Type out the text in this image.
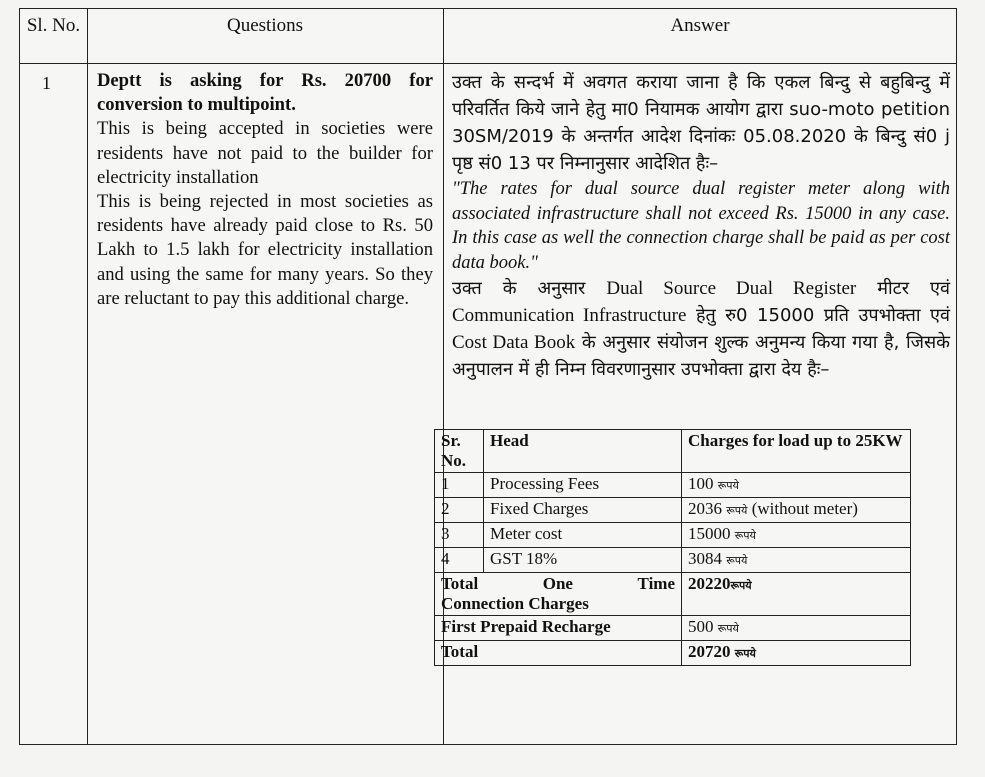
Sl. No.	Questions	Answer
1 Deptt is asking for Rs. 20700 for conversion to multipoint.

This is being accepted in societies were residents have not paid to the builder for electricity installation

This is being rejected in most societies as residents have already paid close to Rs. 50 Lakh to 1.5 lakh for electricity installation and using the same for many years. So they are reluctant to pay this additional charge.

उक्त के सन्दर्भ में अवगत कराया जाना है कि एकल बिन्दु से बहुबिन्दु में परिवर्तित किये जाने हेतु मा0 नियामक आयोग द्वारा suo-moto petition 30SM/2019 के अन्तर्गत आदेश दिनांकः 05.08.2020 के बिन्दु सं0 j पृष्ठ सं0 13 पर निम्नानुसार आदेशित हैः–

"The rates for dual source dual register meter along with associated infrastructure shall not exceed Rs. 15000 in any case. In this case as well the connection charge shall be paid as per cost data book."

उक्त के अनुसार Dual Source Dual Register मीटर एवं Communication Infrastructure हेतु रु0 15000 प्रति उपभोक्ता एवं Cost Data Book के अनुसार संयोजन शुल्क अनुमन्य किया गया है, जिसके अनुपालन में ही निम्न विवरणानुसार उपभोक्ता द्वारा देय हैः–

Sr. No.	Head	Charges for load up to 25KW
1	Processing Fees	100 रूपये
2	Fixed Charges	2036 रूपये (without meter)
3	Meter cost	15000 रूपये
4	GST 18%	3084 रूपये

Total One Time
Connection Charges		20220रूपये
First Prepaid Recharge		500 रूपये
Total		20720 रूपये
